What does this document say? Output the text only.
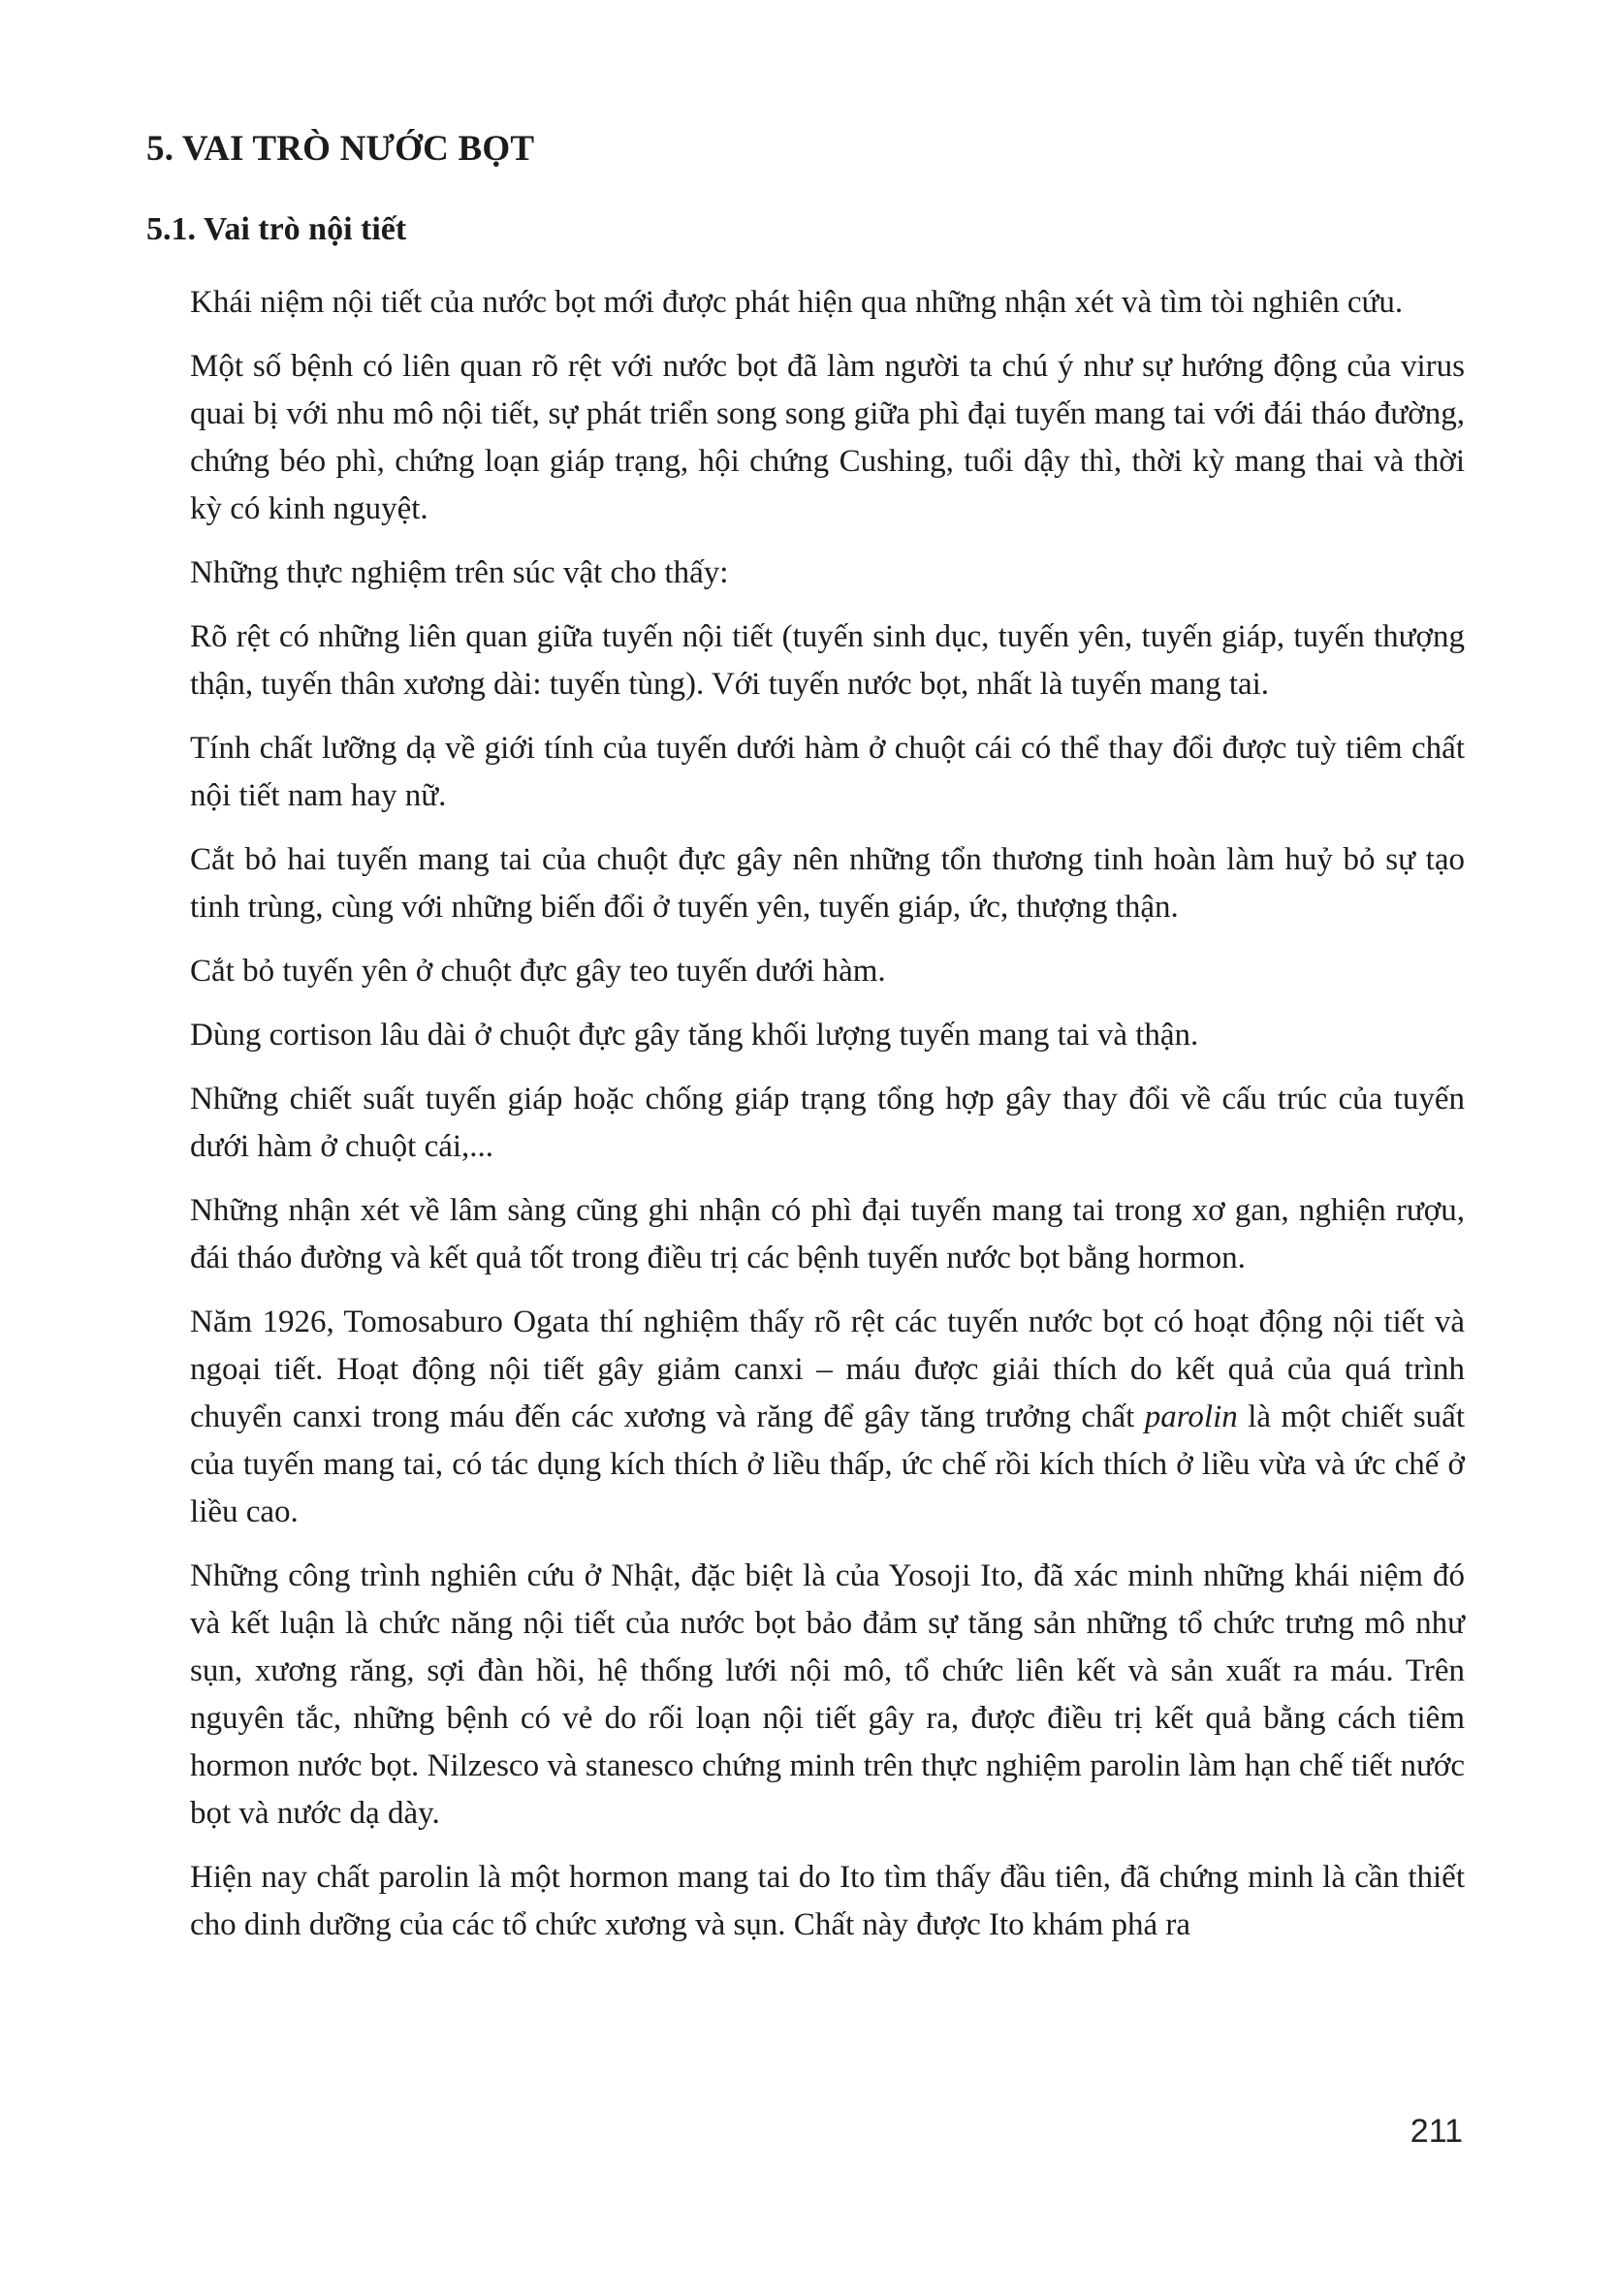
5. VAI TRÒ NƯỚC BỌT
5.1. Vai trò nội tiết

Khái niệm nội tiết của nước bọt mới được phát hiện qua những nhận xét và tìm tòi nghiên cứu.

Một số bệnh có liên quan rõ rệt với nước bọt đã làm người ta chú ý như sự hướng động của virus quai bị với nhu mô nội tiết, sự phát triển song song giữa phì đại tuyến mang tai với đái tháo đường, chứng béo phì, chứng loạn giáp trạng, hội chứng Cushing, tuổi dậy thì, thời kỳ mang thai và thời kỳ có kinh nguyệt.

Những thực nghiệm trên súc vật cho thấy:

Rõ rệt có những liên quan giữa tuyến nội tiết (tuyến sinh dục, tuyến yên, tuyến giáp, tuyến thượng thận, tuyến thân xương dài: tuyến tùng). Với tuyến nước bọt, nhất là tuyến mang tai.

Tính chất lưỡng dạ về giới tính của tuyến dưới hàm ở chuột cái có thể thay đổi được tuỳ tiêm chất nội tiết nam hay nữ.

Cắt bỏ hai tuyến mang tai của chuột đực gây nên những tổn thương tinh hoàn làm huỷ bỏ sự tạo tinh trùng, cùng với những biến đổi ở tuyến yên, tuyến giáp, ức, thượng thận.

Cắt bỏ tuyến yên ở chuột đực gây teo tuyến dưới hàm.

Dùng cortison lâu dài ở chuột đực gây tăng khối lượng tuyến mang tai và thận.

Những chiết suất tuyến giáp hoặc chống giáp trạng tổng hợp gây thay đổi về cấu trúc của tuyến dưới hàm ở chuột cái,...

Những nhận xét về lâm sàng cũng ghi nhận có phì đại tuyến mang tai trong xơ gan, nghiện rượu, đái tháo đường và kết quả tốt trong điều trị các bệnh tuyến nước bọt bằng hormon.

Năm 1926, Tomosaburo Ogata thí nghiệm thấy rõ rệt các tuyến nước bọt có hoạt động nội tiết và ngoại tiết. Hoạt động nội tiết gây giảm canxi – máu được giải thích do kết quả của quá trình chuyển canxi trong máu đến các xương và răng để gây tăng trưởng chất parolin là một chiết suất của tuyến mang tai, có tác dụng kích thích ở liều thấp, ức chế rồi kích thích ở liều vừa và ức chế ở liều cao.

Những công trình nghiên cứu ở Nhật, đặc biệt là của Yosoji Ito, đã xác minh những khái niệm đó và kết luận là chức năng nội tiết của nước bọt bảo đảm sự tăng sản những tổ chức trưng mô như sụn, xương răng, sợi đàn hồi, hệ thống lưới nội mô, tổ chức liên kết và sản xuất ra máu. Trên nguyên tắc, những bệnh có vẻ do rối loạn nội tiết gây ra, được điều trị kết quả bằng cách tiêm hormon nước bọt. Nilzesco và stanesco chứng minh trên thực nghiệm parolin làm hạn chế tiết nước bọt và nước dạ dày.

Hiện nay chất parolin là một hormon mang tai do Ito tìm thấy đầu tiên, đã chứng minh là cần thiết cho dinh dưỡng của các tổ chức xương và sụn. Chất này được Ito khám phá ra

211
